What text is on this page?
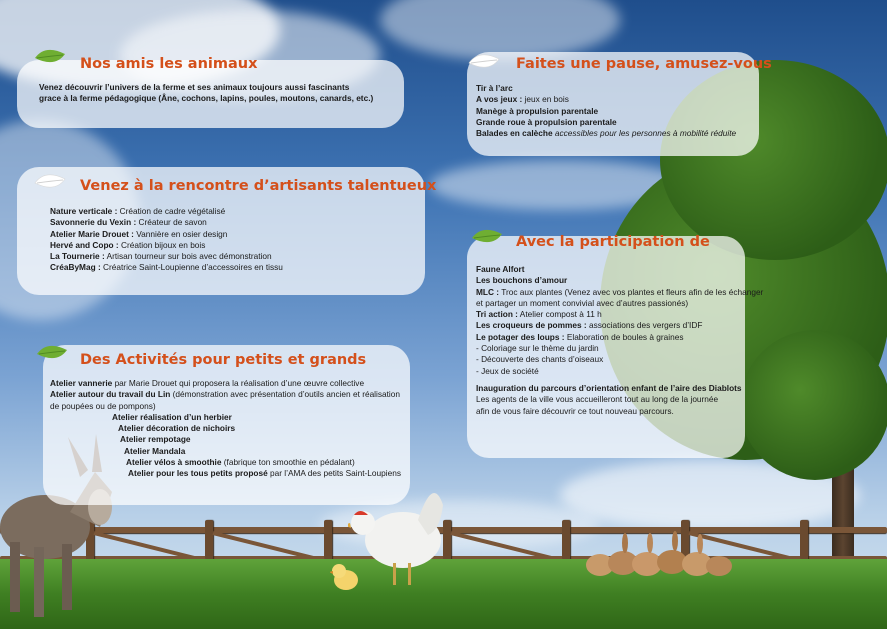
Venez découvrir l’univers de la ferme et ses animaux toujours aussi fascinants
grace à la ferme pédagogique (Âne, cochons, lapins, poules, moutons, canards, etc.)
Nos amis les animaux
Nature verticale : Création de cadre végétalisé
Savonnerie du Vexin : Créateur de savon
Atelier Marie Drouet : Vannière en osier design
Hervé and Copo : Création bijoux en bois
La Tournerie : Artisan tourneur sur bois avec démonstration
CréaByMag : Créatrice Saint-Loupienne d’accessoires en tissu
Venez à la rencontre d’artisants talentueux
Atelier vannerie par Marie Drouet qui proposera la réalisation d’une œuvre collective
Atelier autour du travail du Lin (démonstration avec présentation d’outils ancien et réalisation
de poupées ou de pompons)
Atelier réalisation d’un herbier
Atelier décoration de nichoirs
Atelier rempotage
Atelier Mandala
Atelier vélos à smoothie (fabrique ton smoothie en pédalant)
Atelier pour les tous petits proposé par l’AMA des petits Saint-Loupiens
Des Activités pour petits et grands
Tir à l’arc
A vos jeux : jeux en bois
Manège à propulsion parentale
Grande roue à propulsion parentale
Balades en calèche accessibles pour les personnes à mobilité réduite
Faites une pause, amusez-vous
Faune Alfort
Les bouchons d’amour
MLC : Troc aux plantes (Venez avec vos plantes et fleurs afin de les échanger
et partager un moment convivial avec d’autres passionés)
Tri action : Atelier compost à 11 h
Les croqueurs de pommes : associations des vergers d’IDF
Le potager des loups : Elaboration de boules à graines
- Coloriage sur le thème du jardin
- Découverte des chants d’oiseaux
- Jeux de société
Inauguration du parcours d’orientation enfant de l’aire des Diablots
Les agents de la ville vous accueilleront tout au long de la journée
afin de vous faire découvrir ce tout nouveau parcours.
Avec la participation de
